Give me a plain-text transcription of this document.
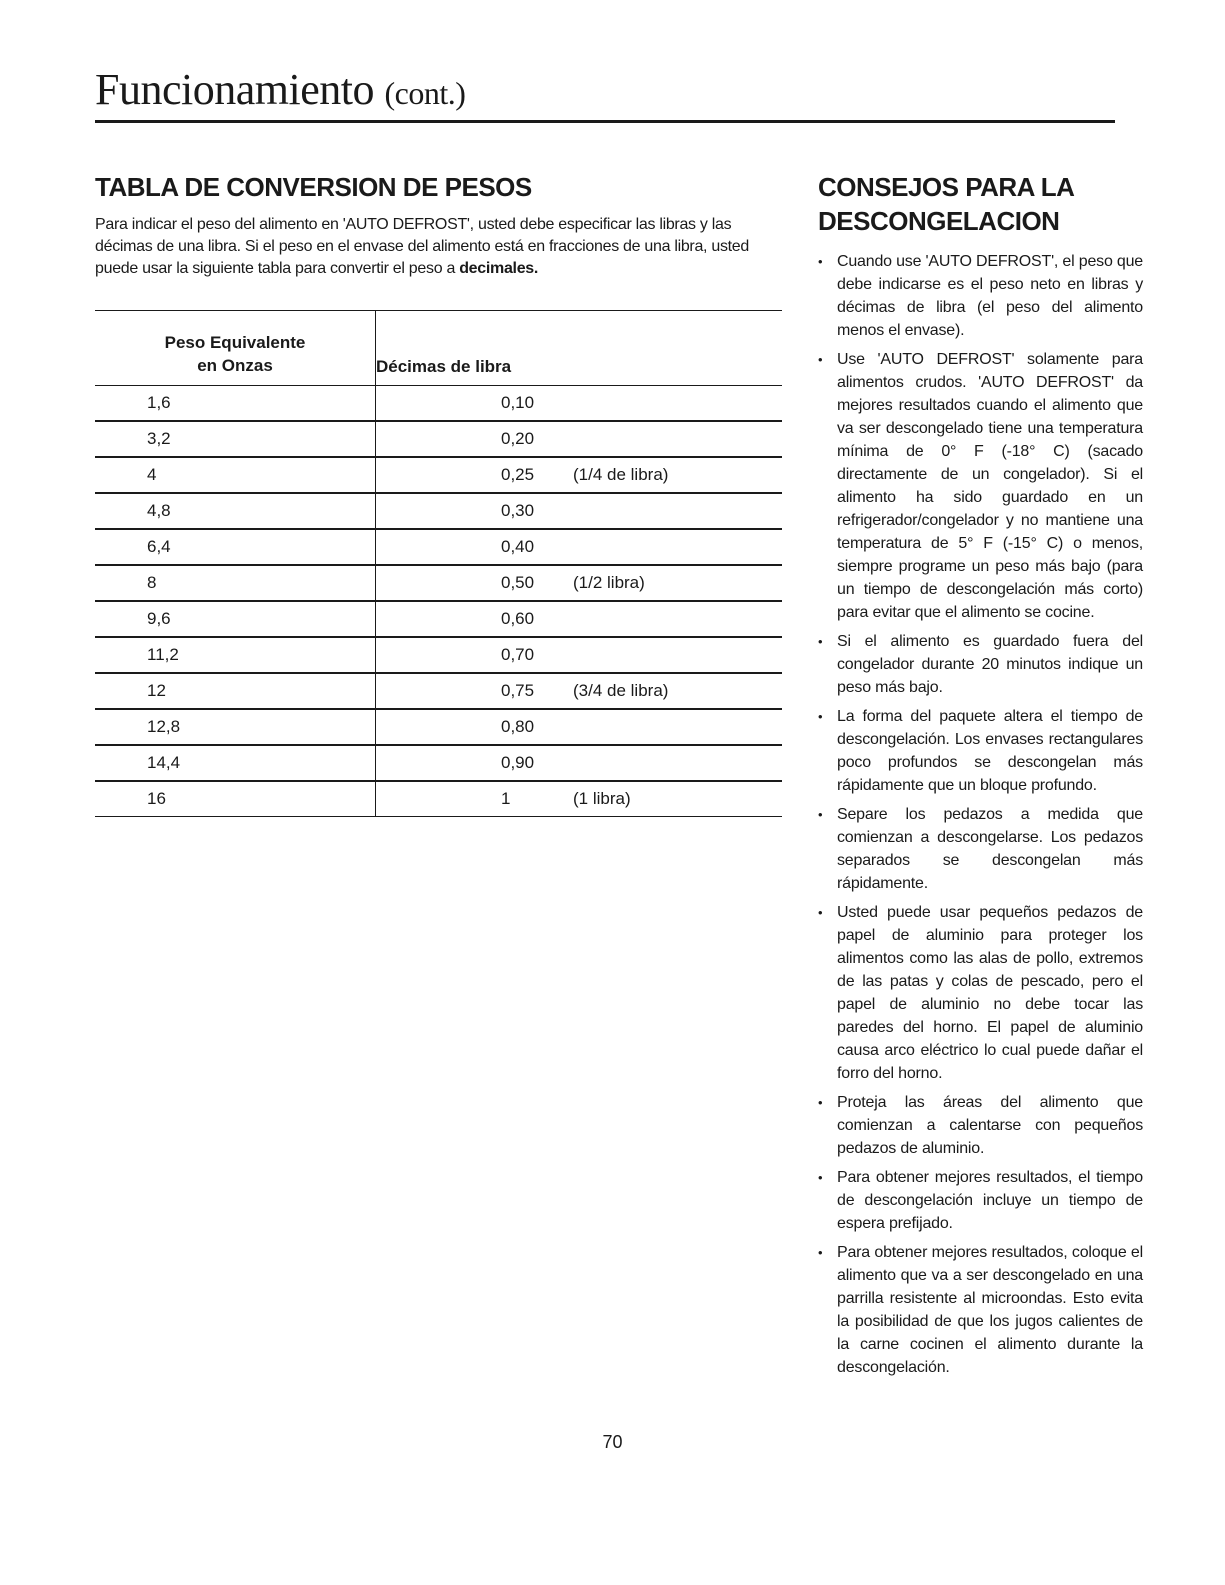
Funcionamiento (cont.)
TABLA DE CONVERSION DE PESOS

Para indicar el peso del alimento en 'AUTO DEFROST', usted debe especificar las libras y las décimas de una libra. Si el peso en el envase del alimento está en fracciones de una libra, usted puede usar la siguiente tabla para convertir el peso a decimales.

Peso Equivalente
en Onzas	Décimas de libra
1,6	0,10
3,2	0,20
4	0,25 (1/4 de libra)
4,8	0,30
6,4	0,40
8	0,50 (1/2 libra)
9,6	0,60
11,2	0,70
12	0,75 (3/4 de libra)
12,8	0,80
14,4	0,90
16	1 (1 libra)
CONSEJOS PARA LA
DESCONGELACION
• Cuando use 'AUTO DEFROST', el peso que debe indicarse es el peso neto en libras y décimas de libra (el peso del alimento menos el envase).
• Use 'AUTO DEFROST' solamente para alimentos crudos. 'AUTO DEFROST' da mejores resultados cuando el alimento que va ser descongelado tiene una temperatura mínima de 0° F (-18° C) (sacado directamente de un congelador). Si el alimento ha sido guardado en un refrigerador/congelador y no mantiene una temperatura de 5° F (-15° C) o menos, siempre programe un peso más bajo (para un tiempo de descongelación más corto) para evitar que el alimento se cocine.
• Si el alimento es guardado fuera del congelador durante 20 minutos indique un peso más bajo.
• La forma del paquete altera el tiempo de descongelación. Los envases rectangulares poco profundos se descongelan más rápidamente que un bloque profundo.
• Separe los pedazos a medida que comienzan a descongelarse. Los pedazos separados se descongelan más rápidamente.
• Usted puede usar pequeños pedazos de papel de aluminio para proteger los alimentos como las alas de pollo, extremos de las patas y colas de pescado, pero el papel de aluminio no debe tocar las paredes del horno. El papel de aluminio causa arco eléctrico lo cual puede dañar el forro del horno.
• Proteja las áreas del alimento que comienzan a calentarse con pequeños pedazos de aluminio.
• Para obtener mejores resultados, el tiempo de descongelación incluye un tiempo de espera prefijado.
• Para obtener mejores resultados, coloque el alimento que va a ser descongelado en una parrilla resistente al microondas. Esto evita la posibilidad de que los jugos calientes de la carne cocinen el alimento durante la descongelación.
70
